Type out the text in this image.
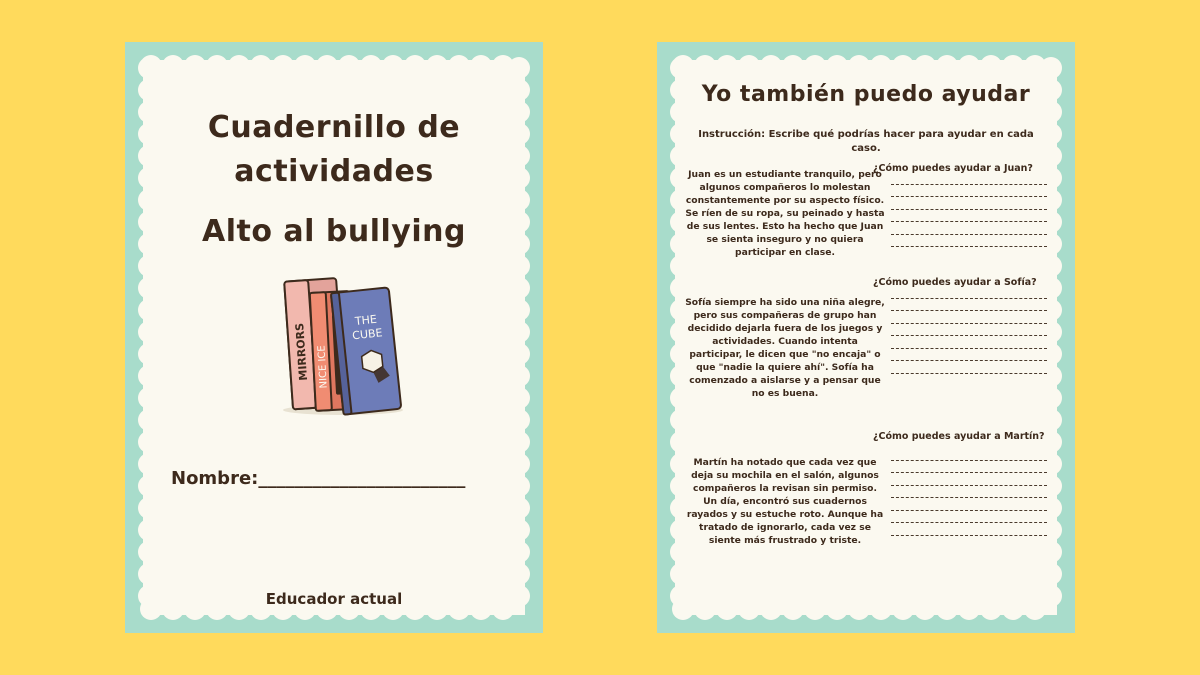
Cuadernillo de actividades
Alto al bullying
MIRRORS NICE ICE
THE
CUBE
Nombre:_______________________
Educador actual
Yo también puedo ayudar
Instrucción: Escribe qué podrías hacer para ayudar en cada caso.
Juan es un estudiante tranquilo, pero algunos compañeros lo molestan constantemente por su aspecto físico. Se ríen de su ropa, su peinado y hasta de sus lentes. Esto ha hecho que Juan se sienta inseguro y no quiera participar en clase.
¿Cómo puedes ayudar a Juan?
Sofía siempre ha sido una niña alegre, pero sus compañeras de grupo han decidido dejarla fuera de los juegos y actividades. Cuando intenta participar, le dicen que "no encaja" o que "nadie la quiere ahí". Sofía ha comenzado a aislarse y a pensar que no es buena.
¿Cómo puedes ayudar a Sofía?
Martín ha notado que cada vez que deja su mochila en el salón, algunos compañeros la revisan sin permiso. Un día, encontró sus cuadernos rayados y su estuche roto. Aunque ha tratado de ignorarlo, cada vez se siente más frustrado y triste.
¿Cómo puedes ayudar a Martín?
